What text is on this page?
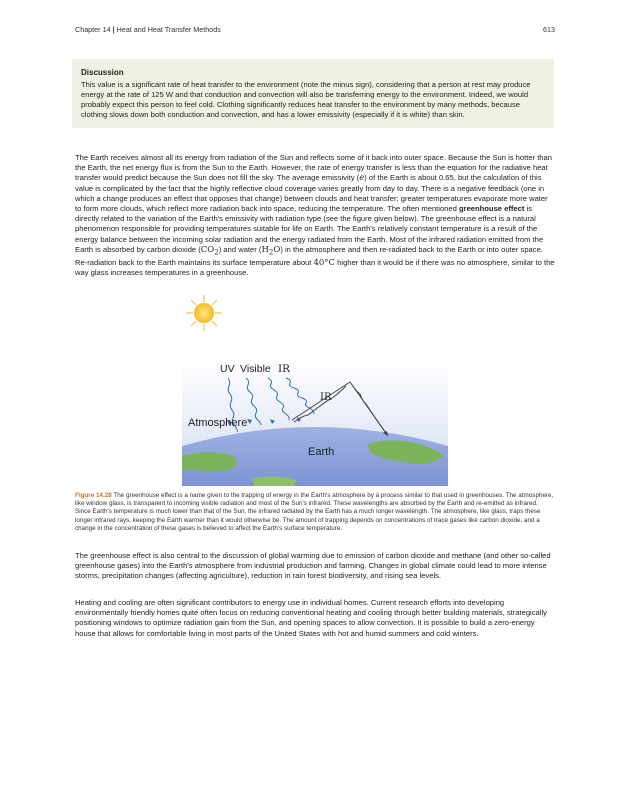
Chapter 14 | Heat and Heat Transfer Methods	613
Discussion
This value is a significant rate of heat transfer to the environment (note the minus sign), considering that a person at rest may produce energy at the rate of 125 W and that conduction and convection will also be transferring energy to the environment. Indeed, we would probably expect this person to feel cold. Clothing significantly reduces heat transfer to the environment by many methods, because clothing slows down both conduction and convection, and has a lower emissivity (especially if it is white) than skin.
The Earth receives almost all its energy from radiation of the Sun and reflects some of it back into outer space. Because the Sun is hotter than the Earth, the net energy flux is from the Sun to the Earth. However, the rate of energy transfer is less than the equation for the radiative heat transfer would predict because the Sun does not fill the sky. The average emissivity (e) of the Earth is about 0.65, but the calculation of this value is complicated by the fact that the highly reflective cloud coverage varies greatly from day to day. There is a negative feedback (one in which a change produces an effect that opposes that change) between clouds and heat transfer; greater temperatures evaporate more water to form more clouds, which reflect more radiation back into space, reducing the temperature. The often mentioned greenhouse effect is directly related to the variation of the Earth's emissivity with radiation type (see the figure given below). The greenhouse effect is a natural phenomenon responsible for providing temperatures suitable for life on Earth. The Earth's relatively constant temperature is a result of the energy balance between the incoming solar radiation and the energy radiated from the Earth. Most of the infrared radiation emitted from the Earth is absorbed by carbon dioxide $(CO_2)$ and water $(H_2O)$ in the atmosphere and then re-radiated back to the Earth or into outer space. Re-radiation back to the Earth maintains its surface temperature about 40°C higher than it would be if there was no atmosphere, similar to the way glass increases temperatures in a greenhouse.
UV Visible IR
IR
Atmosphere
Earth
Figure 14.28 The greenhouse effect is a name given to the trapping of energy in the Earth's atmosphere by a process similar to that used in greenhouses. The atmosphere, like window glass, is transparent to incoming visible radiation and most of the Sun's infrared. These wavelengths are absorbed by the Earth and re-emitted as infrared. Since Earth's temperature is much lower than that of the Sun, the infrared radiated by the Earth has a much longer wavelength. The atmosphere, like glass, traps these longer infrared rays, keeping the Earth warmer than it would otherwise be. The amount of trapping depends on concentrations of trace gases like carbon dioxide, and a change in the concentration of these gases is believed to affect the Earth's surface temperature.
The greenhouse effect is also central to the discussion of global warming due to emission of carbon dioxide and methane (and other so-called greenhouse gases) into the Earth's atmosphere from industrial production and farming. Changes in global climate could lead to more intense storms, precipitation changes (affecting agriculture), reduction in rain forest biodiversity, and rising sea levels.
Heating and cooling are often significant contributors to energy use in individual homes. Current research efforts into developing environmentally friendly homes quite often focus on reducing conventional heating and cooling through better building materials, strategically positioning windows to optimize radiation gain from the Sun, and opening spaces to allow convection. It is possible to build a zero-energy house that allows for comfortable living in most parts of the United States with hot and humid summers and cold winters.
